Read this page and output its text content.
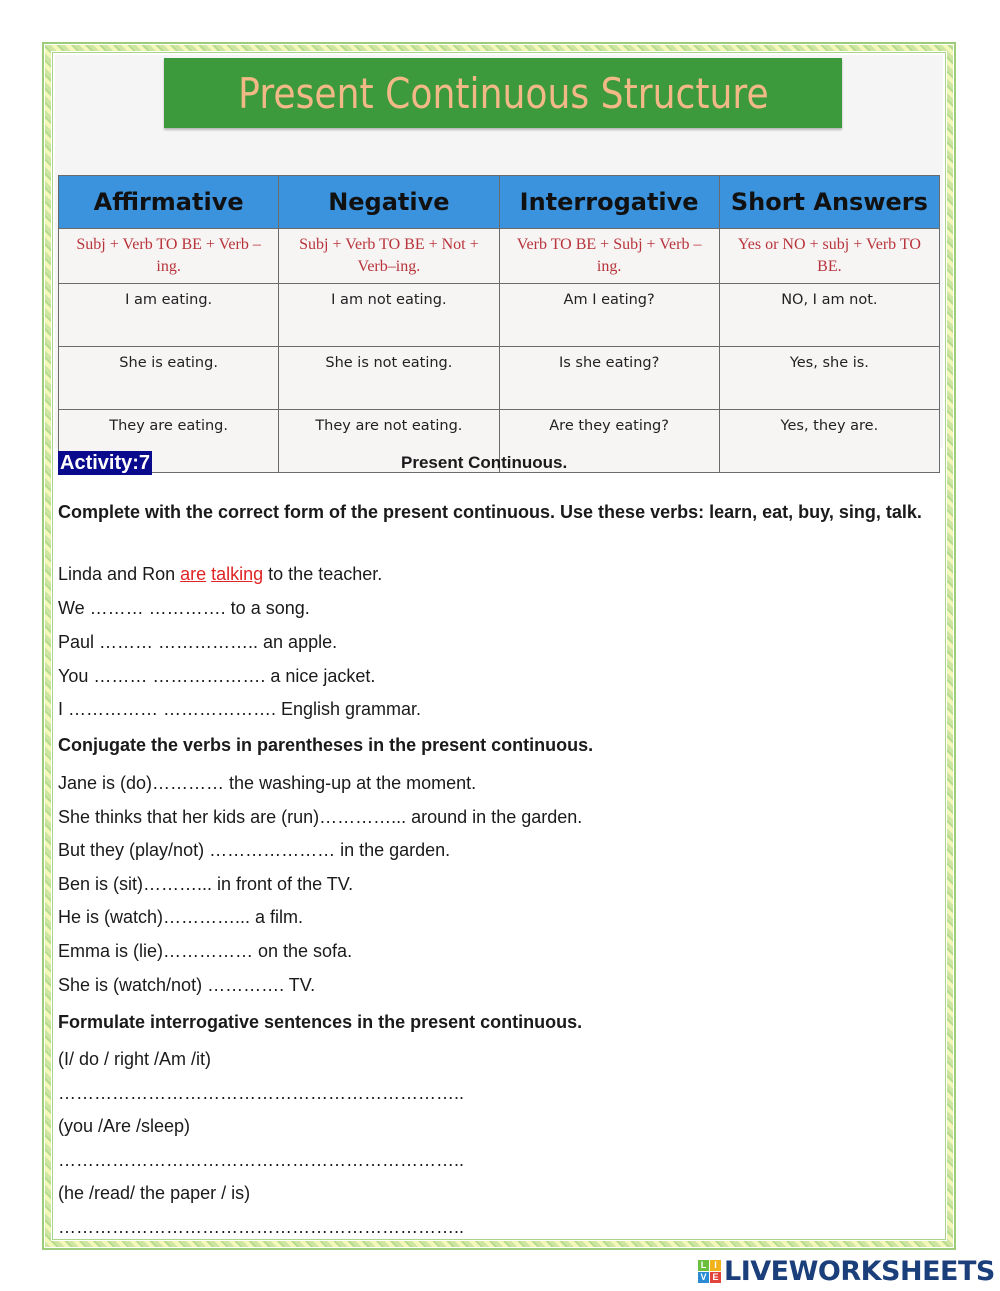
Present Continuous Structure
Affirmative	Negative	Interrogative	Short Answers
Subj + Verb TO BE + Verb – ing.	Subj + Verb TO BE + Not + Verb–ing.	Verb TO BE + Subj + Verb – ing.	Yes or NO + subj + Verb TO BE.
I am eating.	I am not eating.	Am I eating?	NO, I am not.
She is eating.	She is not eating.	Is she eating?	Yes, she is.
They are eating.	They are not eating.	Are they eating?	Yes, they are.
Activity:7	Present Continuous.
Complete with the correct form of the present continuous. Use these verbs: learn, eat, buy, sing, talk.
Linda and Ron are talking to the teacher.
We ……… …………. to a song.
Paul ……… …………….. an apple.
You ……… ………………. a nice jacket.
I …………… ………………. English grammar.
Conjugate the verbs in parentheses in the present continuous.
Jane is (do)………… the washing-up at the moment.
She thinks that her kids are (run)…………... around in the garden.
But they (play/not) ………………… in the garden.
Ben is (sit)………... in front of the TV.
He is (watch)…………... a film.
Emma is (lie)…………… on the sofa.
She is (watch/not) …………. TV.
Formulate interrogative sentences in the present continuous.
(I/ do / right /Am /it)
…………………………………………………………..
(you /Are /sleep)
…………………………………………………………..
(he /read/ the paper / is)
…………………………………………………………..
L I
V E LIVEWORKSHEETS
